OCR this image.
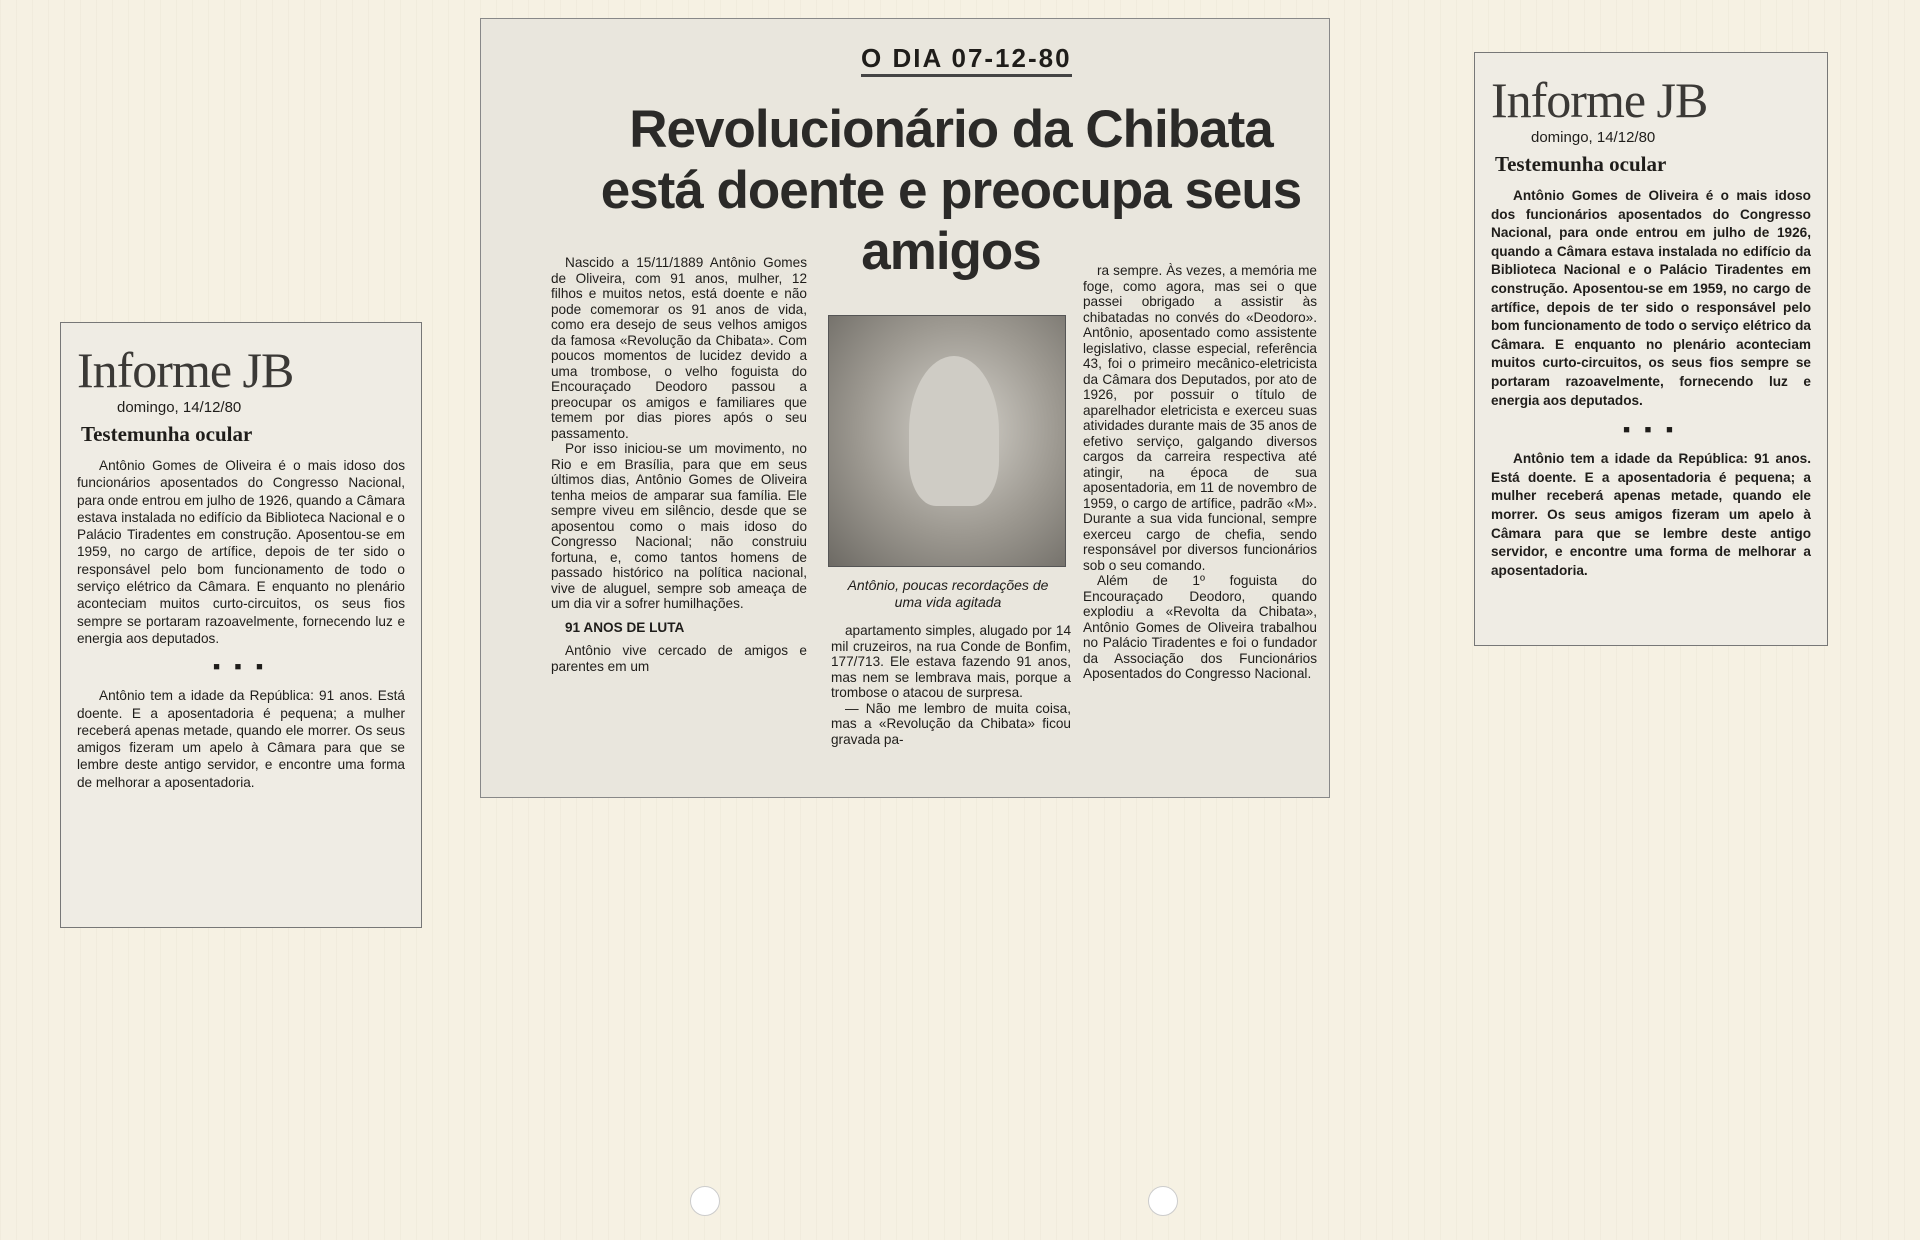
Informe JB
domingo, 14/12/80
Testemunha ocular

Antônio Gomes de Oliveira é o mais idoso dos funcionários aposentados do Congresso Nacional, para onde entrou em julho de 1926, quando a Câmara estava instalada no edifício da Biblioteca Nacional e o Palácio Tiradentes em construção. Aposentou-se em 1959, no cargo de artífice, depois de ter sido o responsável pelo bom funcionamento de todo o serviço elétrico da Câmara. E enquanto no plenário aconteciam muitos curto-circuitos, os seus fios sempre se portaram razoavelmente, fornecendo luz e energia aos deputados.

■ ■ ■

Antônio tem a idade da República: 91 anos. Está doente. E a aposentadoria é pequena; a mulher receberá apenas metade, quando ele morrer. Os seus amigos fizeram um apelo à Câmara para que se lembre deste antigo servidor, e encontre uma forma de melhorar a aposentadoria.

O DIA 07-12-80
Revolucionário da Chibata está doente e preocupa seus amigos

Nascido a 15/11/1889 Antônio Gomes de Oliveira, com 91 anos, mulher, 12 filhos e muitos netos, está doente e não pode comemorar os 91 anos de vida, como era desejo de seus velhos amigos da famosa «Revolução da Chibata». Com poucos momentos de lucidez devido a uma trombose, o velho foguista do Encouraçado Deodoro passou a preocupar os amigos e familiares que temem por dias piores após o seu passamento.

Por isso iniciou-se um movimento, no Rio e em Brasília, para que em seus últimos dias, Antônio Gomes de Oliveira tenha meios de amparar sua família. Ele sempre viveu em silêncio, desde que se aposentou como o mais idoso do Congresso Nacional; não construiu fortuna, e, como tantos homens de passado histórico na política nacional, vive de aluguel, sempre sob ameaça de um dia vir a sofrer humilhações.

91 ANOS DE LUTA

Antônio vive cercado de amigos e parentes em um

Antônio, poucas recordações de uma vida agitada

apartamento simples, alugado por 14 mil cruzeiros, na rua Conde de Bonfim, 177/713. Ele estava fazendo 91 anos, mas nem se lembrava mais, porque a trombose o atacou de surpresa.

— Não me lembro de muita coisa, mas a «Revolução da Chibata» ficou gravada pa-

ra sempre. Às vezes, a memória me foge, como agora, mas sei o que passei obrigado a assistir às chibatadas no convés do «Deodoro». Antônio, aposentado como assistente legislativo, classe especial, referência 43, foi o primeiro mecânico-eletricista da Câmara dos Deputados, por ato de 1926, por possuir o título de aparelhador eletricista e exerceu suas atividades durante mais de 35 anos de efetivo serviço, galgando diversos cargos da carreira respectiva até atingir, na época de sua aposentadoria, em 11 de novembro de 1959, o cargo de artífice, padrão «M». Durante a sua vida funcional, sempre exerceu cargo de chefia, sendo responsável por diversos funcionários sob o seu comando.

Além de 1º foguista do Encouraçado Deodoro, quando explodiu a «Revolta da Chibata», Antônio Gomes de Oliveira trabalhou no Palácio Tiradentes e foi o fundador da Associação dos Funcionários Aposentados do Congresso Nacional.

Informe JB
domingo, 14/12/80
Testemunha ocular

Antônio Gomes de Oliveira é o mais idoso dos funcionários aposentados do Congresso Nacional, para onde entrou em julho de 1926, quando a Câmara estava instalada no edifício da Biblioteca Nacional e o Palácio Tiradentes em construção. Aposentou-se em 1959, no cargo de artífice, depois de ter sido o responsável pelo bom funcionamento de todo o serviço elétrico da Câmara. E enquanto no plenário aconteciam muitos curto-circuitos, os seus fios sempre se portaram razoavelmente, fornecendo luz e energia aos deputados.

■ ■ ■

Antônio tem a idade da República: 91 anos. Está doente. E a aposentadoria é pequena; a mulher receberá apenas metade, quando ele morrer. Os seus amigos fizeram um apelo à Câmara para que se lembre deste antigo servidor, e encontre uma forma de melhorar a aposentadoria.
